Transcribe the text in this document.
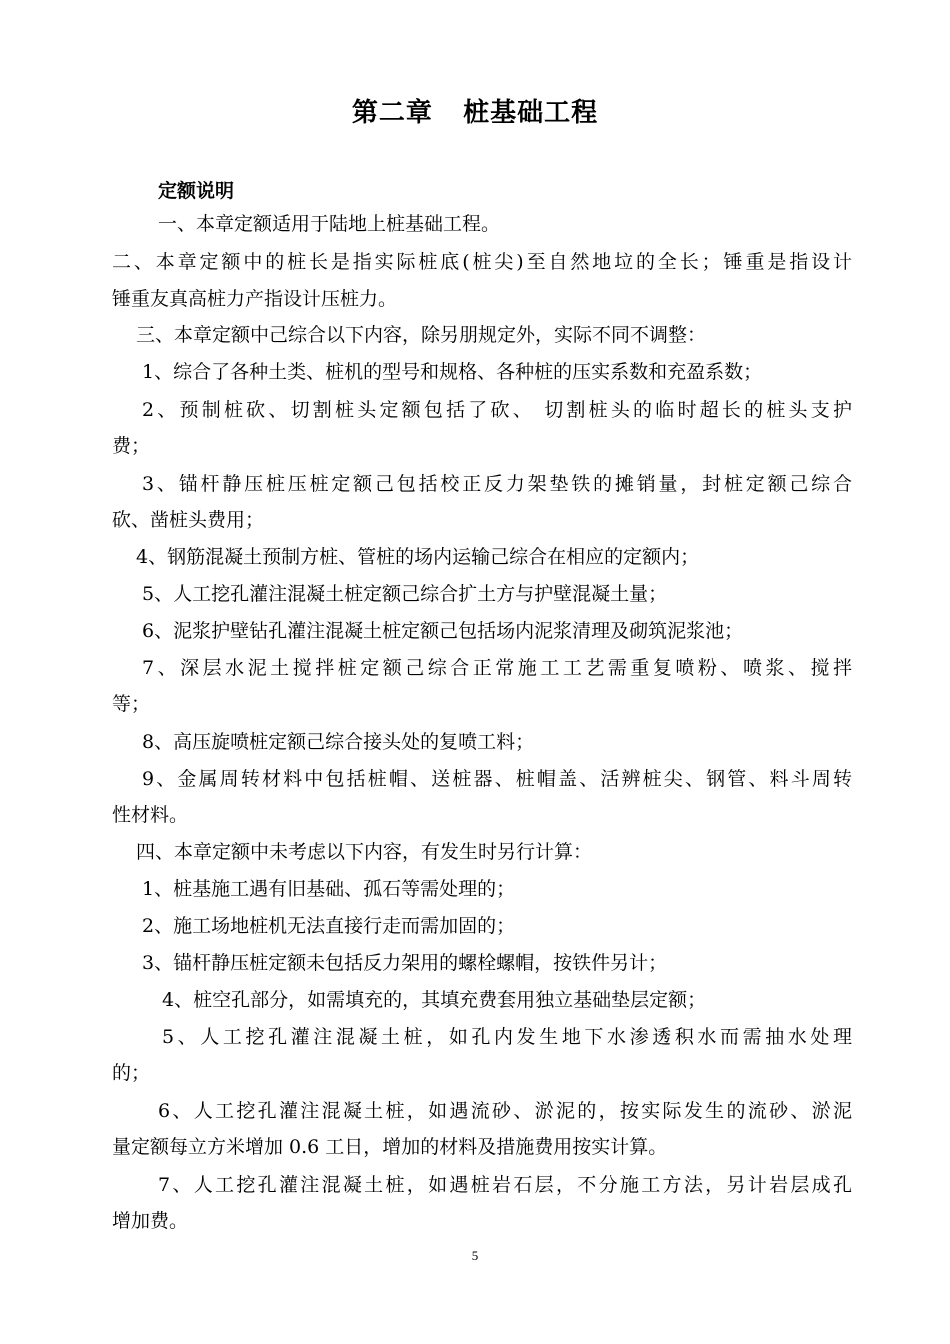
第二章   桩基础工程
定额说明
一、本章定额适用于陆地上桩基础工程。
二、本章定额中的桩长是指实际桩底(桩尖)至自然地垃的全长；锤重是指设计
锤重友真高桩力产指设计压桩力。
三、本章定额中己综合以下内容，除另朋规定外，实际不同不调整：
1、综合了各种土类、桩机的型号和规格、各种桩的压实系数和充盈系数；
2、预制桩砍、切割桩头定额包括了砍、 切割桩头的临时超长的桩头支护
费；
3、锚杆静压桩压桩定额己包括校正反力架垫铁的摊销量，封桩定额己综合
砍、凿桩头费用；
4、钢筋混凝土预制方桩、管桩的场内运输己综合在相应的定额内；
5、人工挖孔灌注混凝土桩定额己综合扩土方与护壁混凝土量；
6、泥浆护壁钻孔灌注混凝土桩定额己包括场内泥浆清理及砌筑泥浆池；
7、深层水泥土搅拌桩定额己综合正常施工工艺需重复喷粉、喷浆、搅拌
等；
8、高压旋喷桩定额己综合接头处的复喷工料；
9、金属周转材料中包括桩帽、送桩器、桩帽盖、活辨桩尖、钢管、料斗周转
性材料。
四、本章定额中未考虑以下内容，有发生时另行计算：
1、桩基施工遇有旧基础、孤石等需处理的；
2、施工场地桩机无法直接行走而需加固的；
3、锚杆静压桩定额未包括反力架用的螺栓螺帽，按铁件另计；
4、桩空孔部分，如需填充的，其填充费套用独立基础垫层定额；
5、人工挖孔灌注混凝土桩，如孔内发生地下水渗透积水而需抽水处理
的；
6、人工挖孔灌注混凝土桩，如遇流砂、淤泥的，按实际发生的流砂、淤泥
量定额每立方米增加 0.6 工日，增加的材料及措施费用按实计算。
7、人工挖孔灌注混凝土桩，如遇桩岩石层，不分施工方法，另计岩层成孔
增加费。
5
